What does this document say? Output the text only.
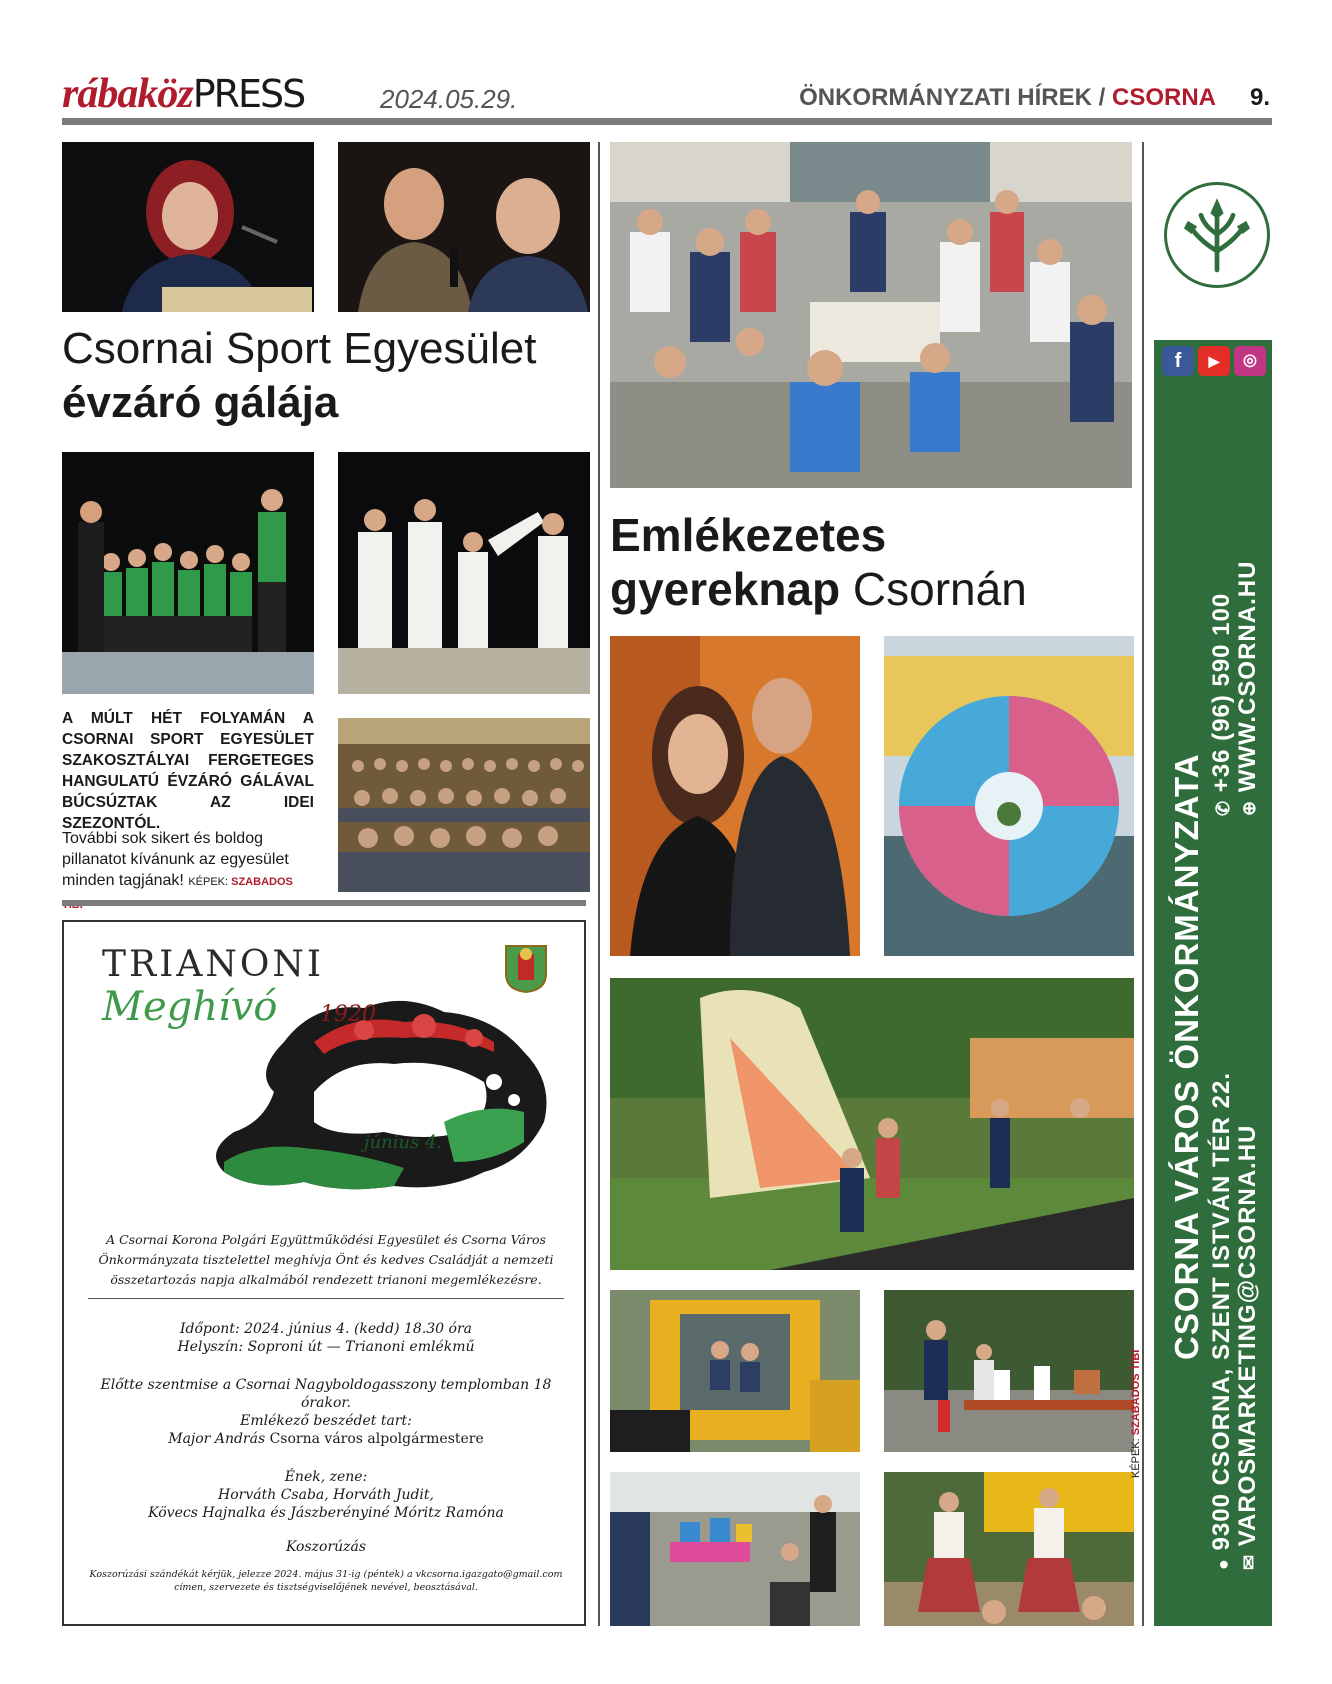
rábaközPRESS	2024.05.29.	ÖNKORMÁNYZATI HÍREK / CSORNA 9.
Csornai Sport Egyesület
évzáró gálája
A MÚLT HÉT FOLYAMÁN A CSORNAI SPORT EGYESÜLET SZAKOSZTÁLYAI FERGETEGES HANGULATÚ ÉVZÁRÓ GÁLÁVAL BÚCSÚZTAK AZ IDEI SZEZONTÓL.
További sok sikert és boldog pillanatot kívánunk az egyesület minden tagjának! KÉPEK: SZABADOS
TRIANONI
Meghívó 1920
június 4.
A Csornai Korona Polgári Együttműködési Egyesület és Csorna Város Önkormányzata tisztelettel meghívja Önt és kedves Családját a nemzeti összetartozás napja alkalmából rendezett trianoni megemlékezésre.
Időpont: 2024. június 4. (kedd) 18.30 óra
Helyszín: Soproni út — Trianoni emlékmű
Előtte szentmise a Csornai Nagyboldogasszony templomban 18 órakor.
Emlékező beszédet tart:
Major András Csorna város alpolgármestere
Ének, zene:
Horváth Csaba, Horváth Judit,
Kövecs Hajnalka és Jászberényiné Móritz Ramóna
Koszorúzás
Koszorúzási szándékát kérjük, jelezze 2024. május 31-ig (péntek) a vkcsorna.igazgato@gmail.com címen, szervezete és tisztségviselőjének nevével, beosztásával.
Emlékezetes
gyereknap Csornán
KÉPEK: SZABADOS TIBI
f	▶	◎
CSORNA VÁROS ÖNKORMÁNYZATA
● 9300 CSORNA, SZENT ISTVÁN TÉR 22.
✉ VAROSMARKETING@CSORNA.HU
✆ +36 (96) 590 100
⊕ WWW.CSORNA.HU
